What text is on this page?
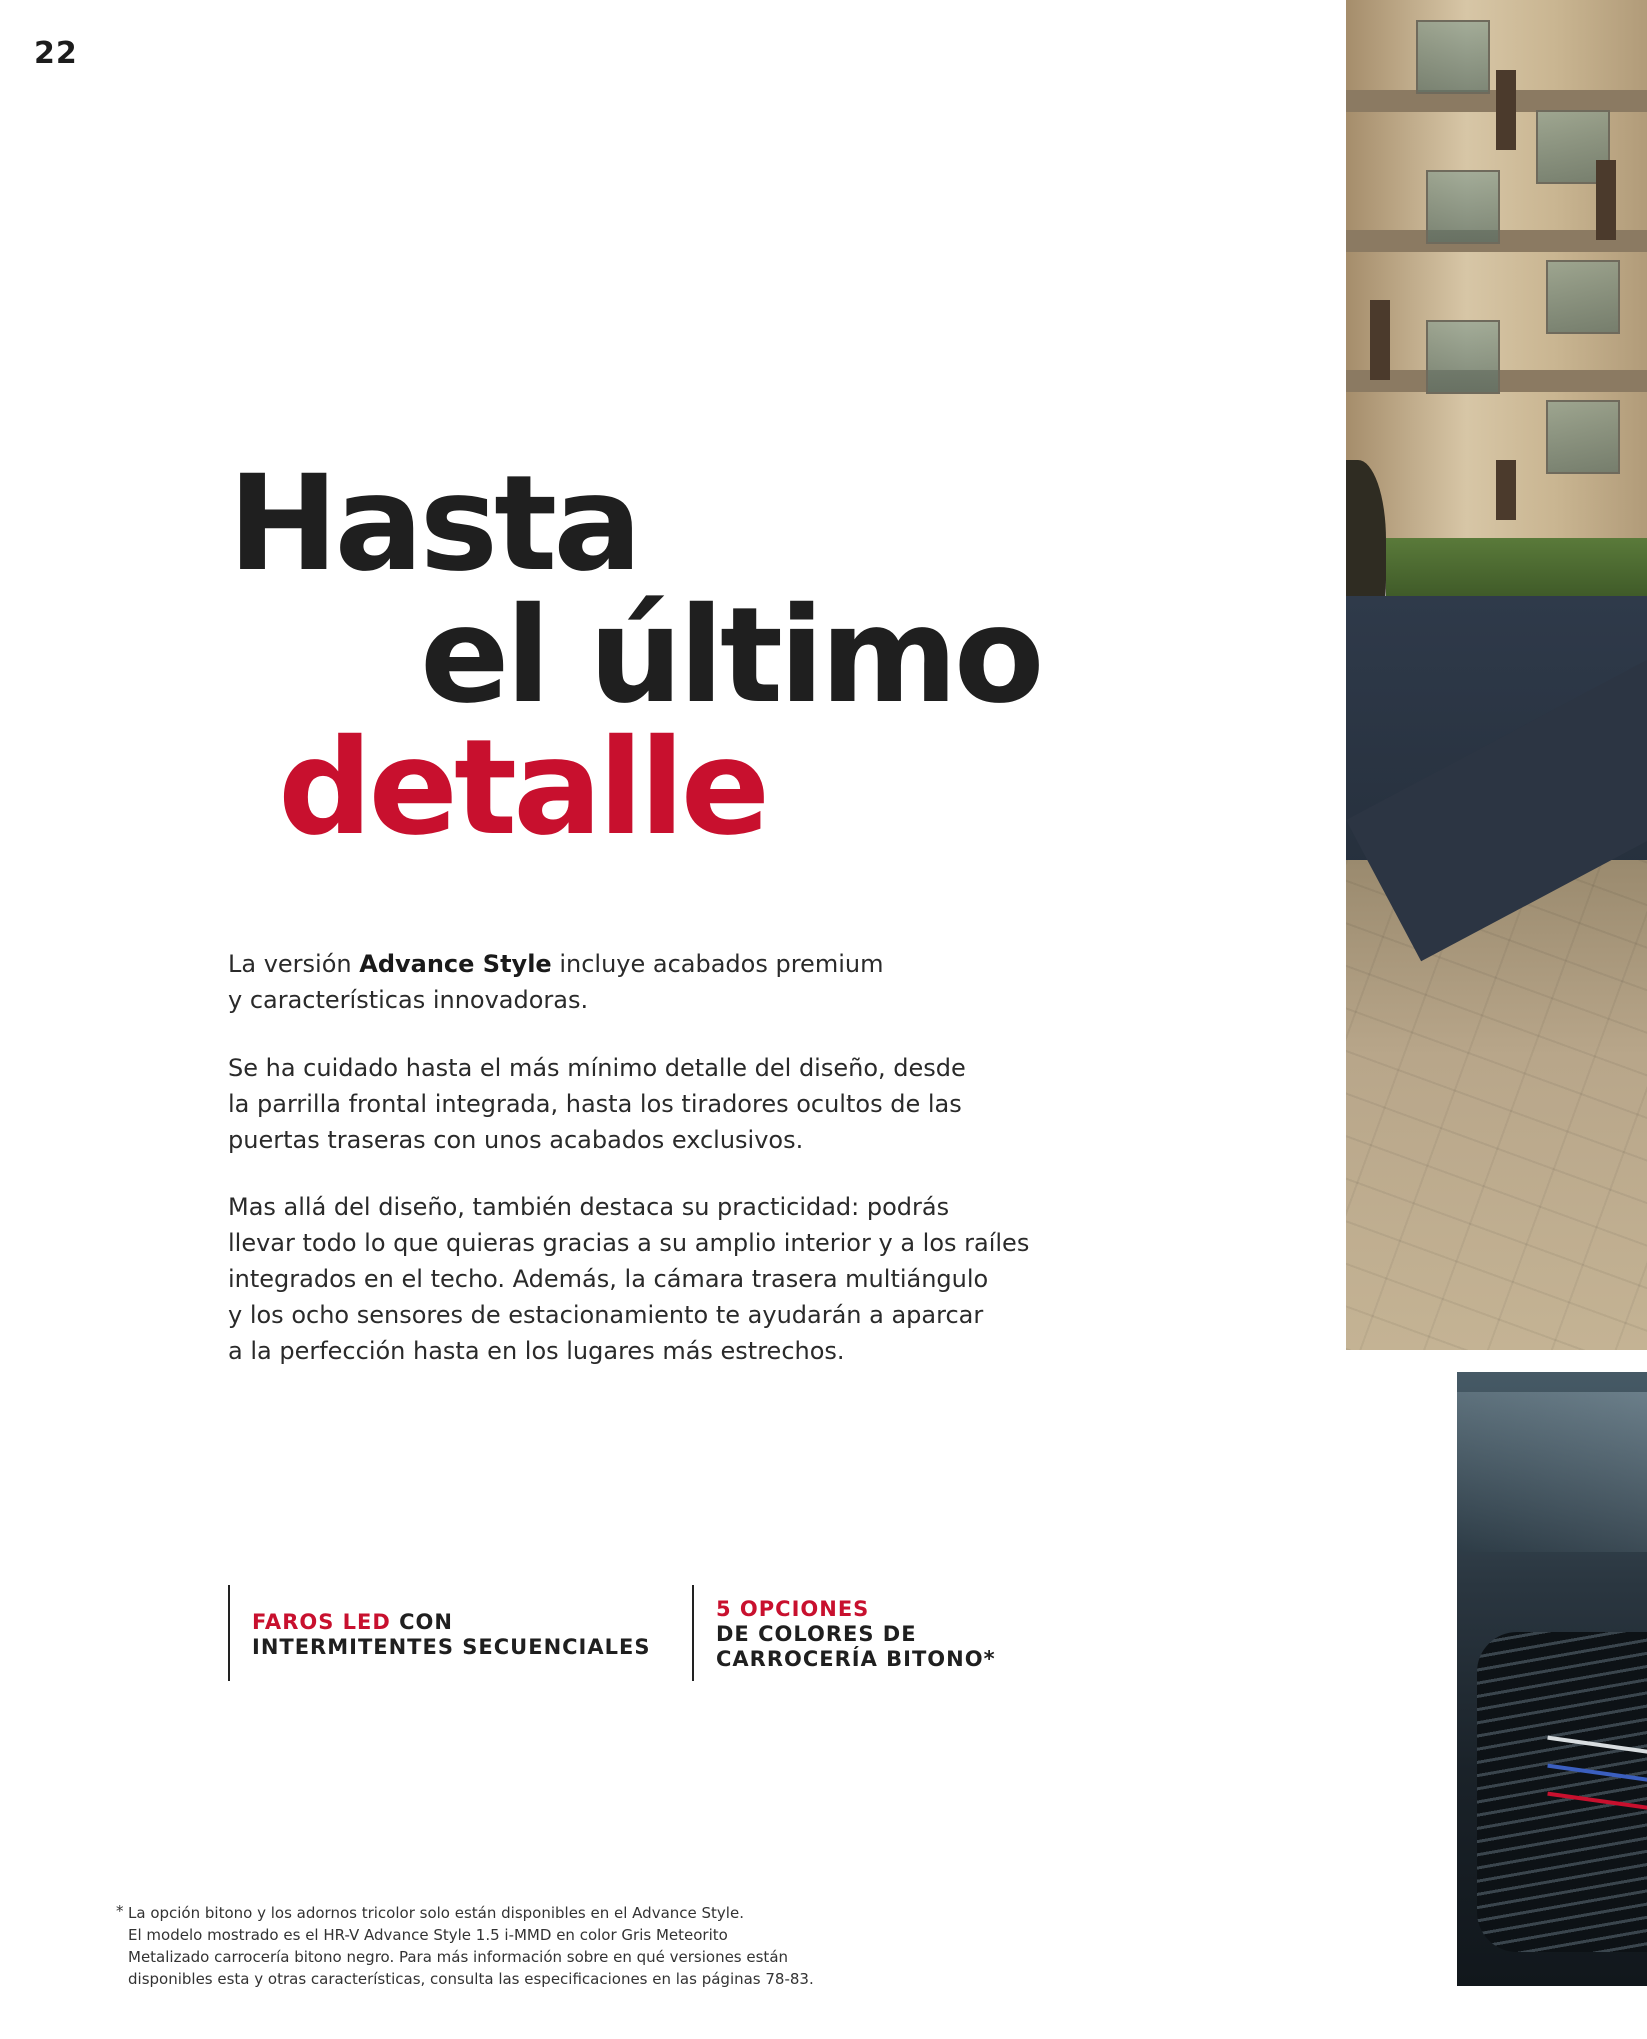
22
Hasta
el último
detalle

La versión Advance Style incluye acabados premium
y características innovadoras.

Se ha cuidado hasta el más mínimo detalle del diseño, desde
la parrilla frontal integrada, hasta los tiradores ocultos de las
puertas traseras con unos acabados exclusivos.

Mas allá del diseño, también destaca su practicidad: podrás
llevar todo lo que quieras gracias a su amplio interior y a los raíles
integrados en el techo. Además, la cámara trasera multiángulo
y los ocho sensores de estacionamiento te ayudarán a aparcar
a la perfección hasta en los lugares más estrechos.

FAROS LED CON
INTERMITENTES SECUENCIALES
5 OPCIONES
DE COLORES DE
CARROCERÍA BITONO*
* La opción bitono y los adornos tricolor solo están disponibles en el Advance Style.
El modelo mostrado es el HR-V Advance Style 1.5 i-MMD en color Gris Meteorito
Metalizado carrocería bitono negro. Para más información sobre en qué versiones están
disponibles esta y otras características, consulta las especificaciones en las páginas 78-83.
